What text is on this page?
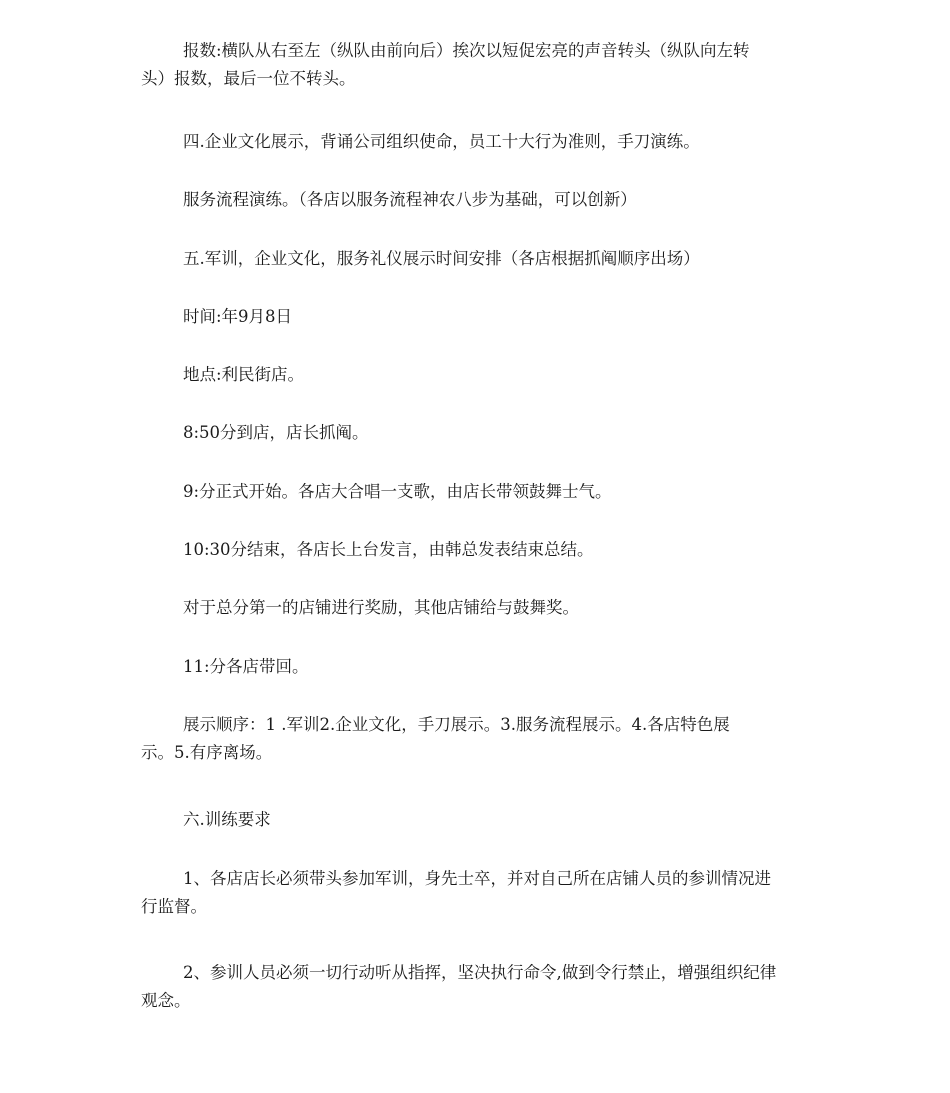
报数:横队从右至左（纵队由前向后）挨次以短促宏亮的声音转头（纵队向左转
头）报数，最后一位不转头。

四.企业文化展示，背诵公司组织使命，员工十大行为准则，手刀演练。

服务流程演练。（各店以服务流程神农八步为基础，可以创新）

五.军训，企业文化，服务礼仪展示时间安排（各店根据抓阄顺序出场）

时间:年9月8日

地点:利民街店。

8:50分到店，店长抓阄。

9:分正式开始。各店大合唱一支歌，由店长带领鼓舞士气。

10:30分结束，各店长上台发言，由韩总发表结束总结。

对于总分第一的店铺进行奖励，其他店铺给与鼓舞奖。

11:分各店带回。

展示顺序：1 .军训2.企业文化，手刀展示。3.服务流程展示。4.各店特色展
示。5.有序离场。

六.训练要求

1、各店店长必须带头参加军训，身先士卒，并对自己所在店铺人员的参训情况进
行监督。

2、参训人员必须一切行动听从指挥，坚决执行命令,做到令行禁止，增强组织纪律
观念。
